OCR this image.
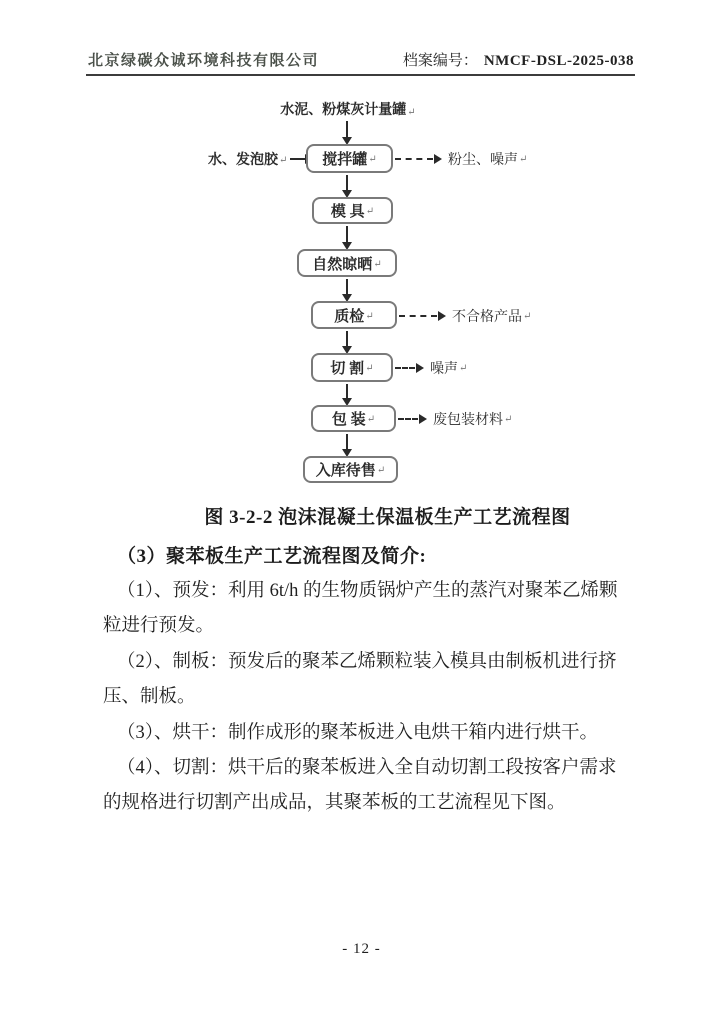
北京绿碳众诚环境科技有限公司	档案编号： NMCF-DSL-2025-038
水泥、粉煤灰计量罐↵
水、发泡胶 ↵ 搅拌罐 ↵
模 具 ↵
自然晾晒 ↵
质检 ↵
切 割 ↵
包 装 ↵
入库待售 ↵
粉尘、噪声 ↵
不合格产品 ↵
噪声 ↵
废包装材料 ↵
图 3-2-2 泡沫混凝土保温板生产工艺流程图
（3）聚苯板生产工艺流程图及简介:
（1）、预发：利用 6t/h 的生物质锅炉产生的蒸汽对聚苯乙烯颗
粒进行预发。
（2）、制板：预发后的聚苯乙烯颗粒装入模具由制板机进行挤
压、制板。
（3）、烘干：制作成形的聚苯板进入电烘干箱内进行烘干。
（4）、切割：烘干后的聚苯板进入全自动切割工段按客户需求
的规格进行切割产出成品，其聚苯板的工艺流程见下图。
- 12 -
